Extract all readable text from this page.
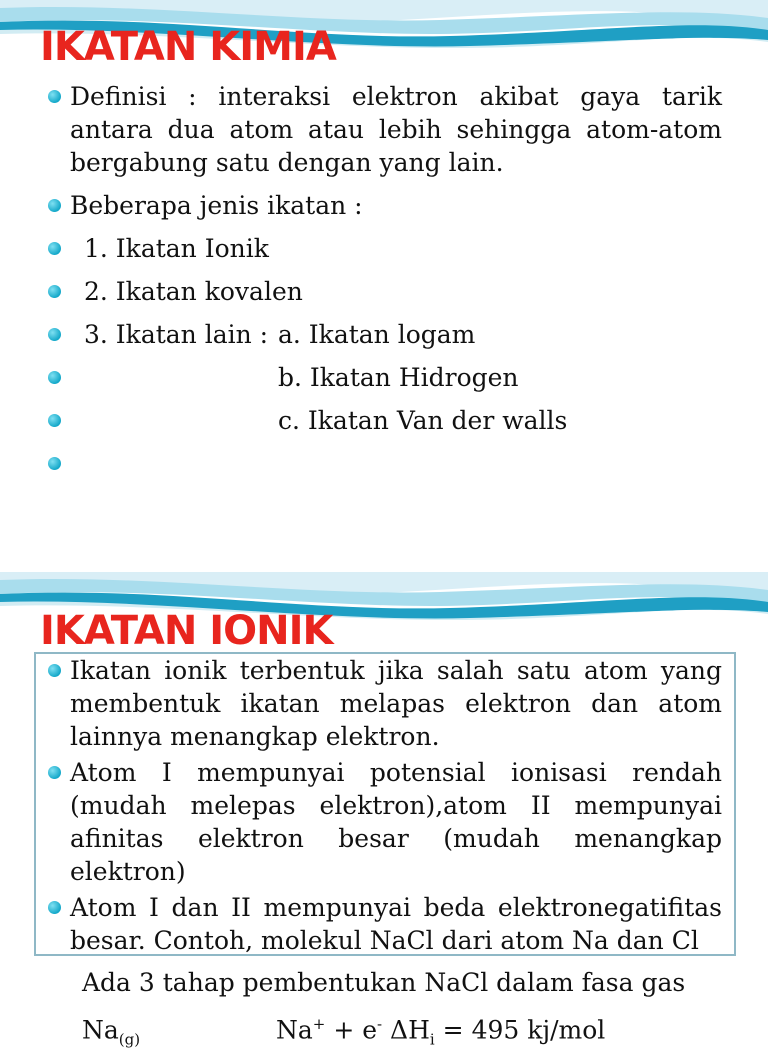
IKATAN KIMIA
Definisi : interaksi elektron akibat gaya tarik antara dua atom atau lebih sehingga atom-atom bergabung satu dengan yang lain.
Beberapa jenis ikatan :
1. Ikatan Ionik
2. Ikatan kovalen
3. Ikatan lain : a. Ikatan logam
b. Ikatan Hidrogen

c. Ikatan Van der walls

IKATAN IONIK
Ikatan ionik terbentuk jika salah satu atom yang membentuk ikatan melapas elektron dan atom lainnya menangkap elektron.
Atom I mempunyai potensial ionisasi rendah (mudah melepas elektron),atom II mempunyai afinitas elektron besar (mudah menangkap elektron)
Atom I dan II mempunyai beda elektronegatifitas besar. Contoh, molekul NaCl dari atom Na dan Cl
Ada 3 tahap pembentukan NaCl dalam fasa gas
$Na_{(g)}$	Na+ + e- $\Delta H_i = 495$ kj/mol
